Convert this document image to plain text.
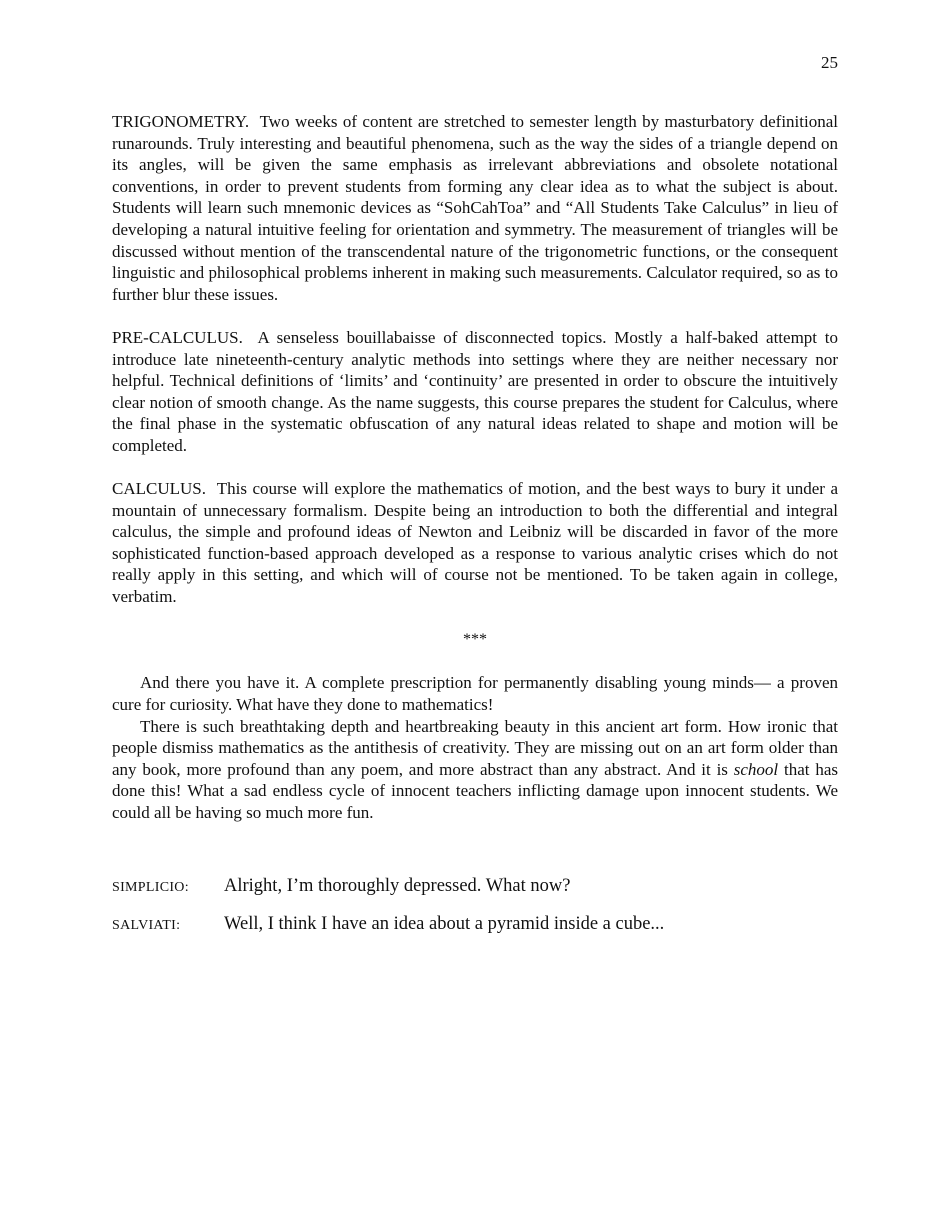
25

TRIGONOMETRY. Two weeks of content are stretched to semester length by masturbatory definitional runarounds. Truly interesting and beautiful phenomena, such as the way the sides of a triangle depend on its angles, will be given the same emphasis as irrelevant abbreviations and obsolete notational conventions, in order to prevent students from forming any clear idea as to what the subject is about. Students will learn such mnemonic devices as “SohCahToa” and “All Students Take Calculus” in lieu of developing a natural intuitive feeling for orientation and symmetry. The measurement of triangles will be discussed without mention of the transcendental nature of the trigonometric functions, or the consequent linguistic and philosophical problems inherent in making such measurements. Calculator required, so as to further blur these issues.

PRE-CALCULUS. A senseless bouillabaisse of disconnected topics. Mostly a half-baked attempt to introduce late nineteenth-century analytic methods into settings where they are neither necessary nor helpful. Technical definitions of ‘limits’ and ‘continuity’ are presented in order to obscure the intuitively clear notion of smooth change. As the name suggests, this course prepares the student for Calculus, where the final phase in the systematic obfuscation of any natural ideas related to shape and motion will be completed.

CALCULUS. This course will explore the mathematics of motion, and the best ways to bury it under a mountain of unnecessary formalism. Despite being an introduction to both the differential and integral calculus, the simple and profound ideas of Newton and Leibniz will be discarded in favor of the more sophisticated function-based approach developed as a response to various analytic crises which do not really apply in this setting, and which will of course not be mentioned. To be taken again in college, verbatim.

***

And there you have it. A complete prescription for permanently disabling young minds— a proven cure for curiosity. What have they done to mathematics!

There is such breathtaking depth and heartbreaking beauty in this ancient art form. How ironic that people dismiss mathematics as the antithesis of creativity. They are missing out on an art form older than any book, more profound than any poem, and more abstract than any abstract. And it is school that has done this! What a sad endless cycle of innocent teachers inflicting damage upon innocent students. We could all be having so much more fun.

SIMPLICIO:	Alright, I’m thoroughly depressed. What now?
SALVIATI:	Well, I think I have an idea about a pyramid inside a cube...
